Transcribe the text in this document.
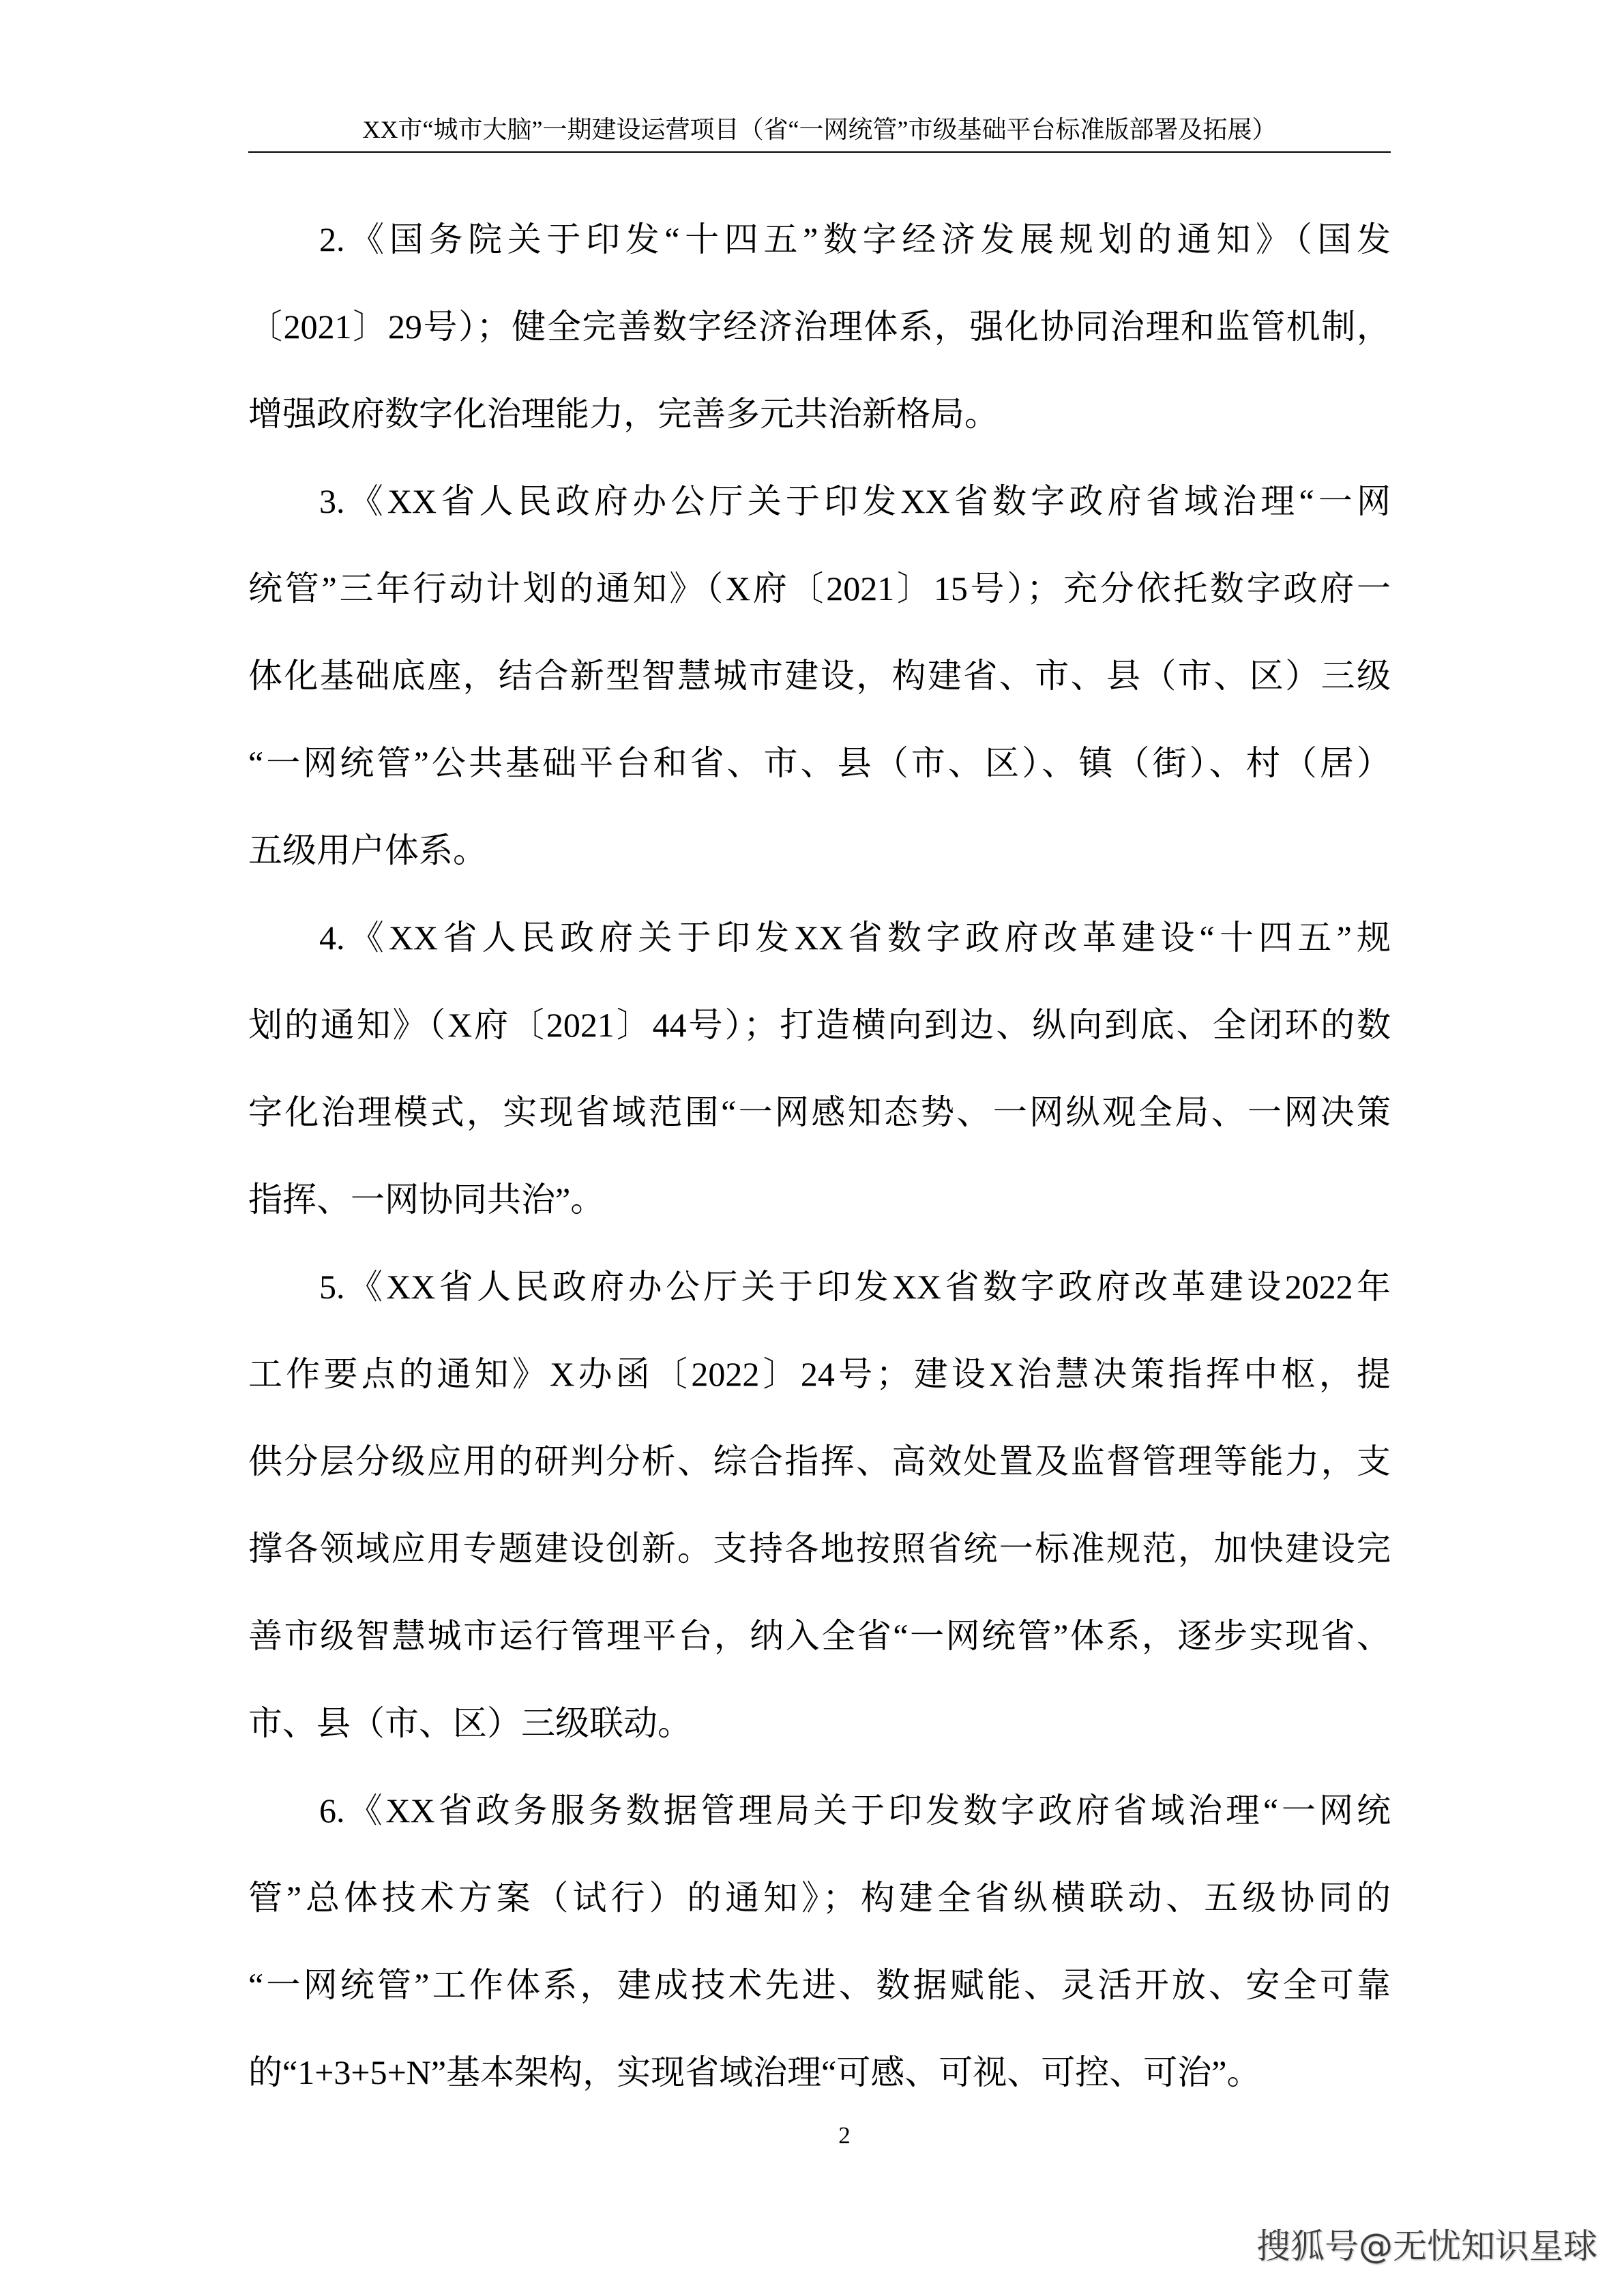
XX市“城市大脑”一期建设运营项目（省“一网统管”市级基础平台标准版部署及拓展）
2.《国务院关于印发“十四五”数字经济发展规划的通知》（国发
〔2021〕29号）；健全完善数字经济治理体系，强化协同治理和监管机制，
增强政府数字化治理能力，完善多元共治新格局。
3.《XX省人民政府办公厅关于印发XX省数字政府省域治理“一网
统管”三年行动计划的通知》（X府〔2021〕15号）；充分依托数字政府一
体化基础底座，结合新型智慧城市建设，构建省、市、县（市、区）三级
“一网统管”公共基础平台和省、市、县（市、区）、镇（街）、村（居）
五级用户体系。
4.《XX省人民政府关于印发XX省数字政府改革建设“十四五”规
划的通知》（X府〔2021〕44号）；打造横向到边、纵向到底、全闭环的数
字化治理模式，实现省域范围“一网感知态势、一网纵观全局、一网决策
指挥、一网协同共治”。
5.《XX省人民政府办公厅关于印发XX省数字政府改革建设2022年
工作要点的通知》X办函〔2022〕24号；建设X治慧决策指挥中枢，提
供分层分级应用的研判分析、综合指挥、高效处置及监督管理等能力，支
撑各领域应用专题建设创新。支持各地按照省统一标准规范，加快建设完
善市级智慧城市运行管理平台，纳入全省“一网统管”体系，逐步实现省、
市、县（市、区）三级联动。
6.《XX省政务服务数据管理局关于印发数字政府省域治理“一网统
管”总体技术方案（试行）的通知》；构建全省纵横联动、五级协同的
“一网统管”工作体系，建成技术先进、数据赋能、灵活开放、安全可靠
的“1+3+5+N”基本架构，实现省域治理“可感、可视、可控、可治”。
2
搜狐号@无忧知识星球
